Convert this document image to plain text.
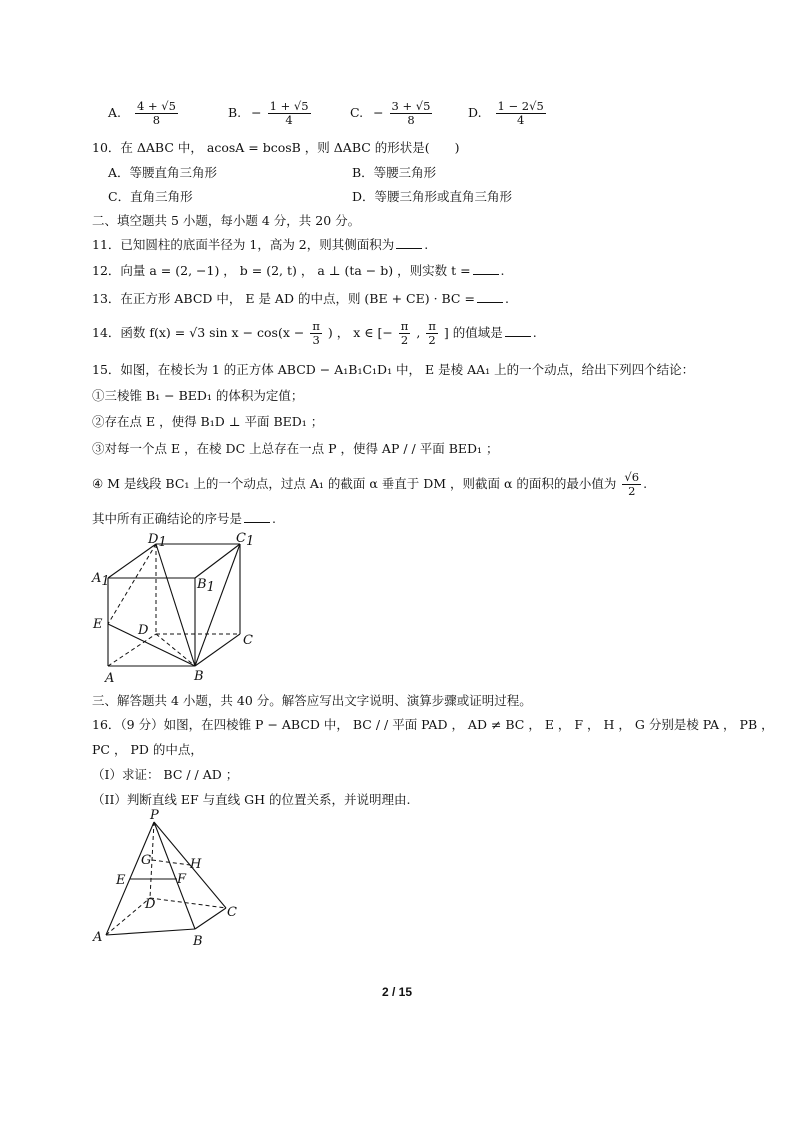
A. $\frac{4 + √5}{8}$	B. − $\frac{1 + √5}{4}$	C. − $\frac{3 + √5}{8}$	D. $\frac{1 - 2√5}{4}$
10．在 ΔABC 中， acosA = bcosB ，则 ΔABC 的形状是(　　)
A．等腰直角三角形	B．等腰三角形
C．直角三角形	D．等腰三角形或直角三角形
二、填空题共 5 小题，每小题 4 分，共 20 分。
11．已知圆柱的底面半径为 1，高为 2，则其侧面积为 .
12．向量 a = (2, −1) ， b = (2, t) ， a ⊥ (ta − b) ，则实数 t = .
13．在正方形 ABCD 中， E 是 AD 的中点，则 (BE + CE) · BC = .
14．函数 f(x) = √3 $\sin x - \cos(x - \frac{\pi}{3}$ ) ， x ∈ [− $\frac{\pi}{2}$ , $\frac{\pi}{2}$ ] 的值域是 .
15．如图，在棱长为 1 的正方体 ABCD − A₁B₁C₁D₁ 中， E 是棱 AA₁ 上的一个动点，给出下列四个结论：
①三棱锥 B₁ − BED₁ 的体积为定值；
②存在点 E ，使得 B₁D ⊥ 平面 BED₁ ；
③对每一个点 E ，在棱 DC 上总存在一点 P ，使得 AP / / 平面 BED₁ ；
④ M 是线段 BC₁ 上的一个动点，过点 A₁ 的截面 α 垂直于 DM ，则截面 α 的面积的最小值为 $\frac{√6}{2}$ .
其中所有正确结论的序号是 .
D1	C1
A1	B1
E	D
C
A	B
三、解答题共 4 小题，共 40 分。解答应写出文字说明、演算步骤或证明过程。
16．（9 分）如图，在四棱锥 P − ABCD 中， BC / / 平面 PAD ， AD ≠ BC ， E ， F ， H ， G 分别是棱 PA ， PB ，
PC ， PD 的中点，
（I）求证： BC / / AD ；
（II）判断直线 EF 与直线 GH 的位置关系，并说明理由.
P
G	H
E	F
D
C
A	B
2 / 15
